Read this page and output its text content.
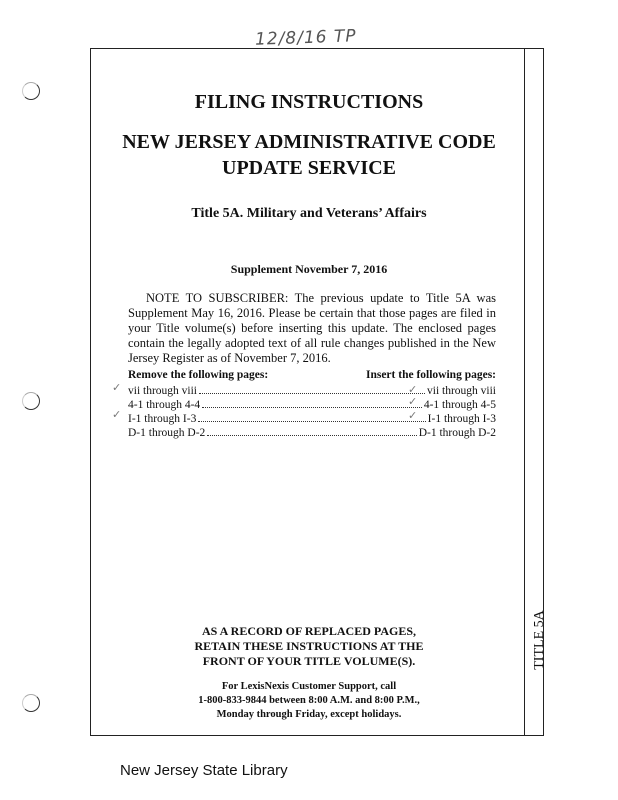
12/8/16 TP
TITLE 5A
FILING INSTRUCTIONS
NEW JERSEY ADMINISTRATIVE CODE
UPDATE SERVICE
Title 5A. Military and Veterans’ Affairs
Supplement November 7, 2016
NOTE TO SUBSCRIBER: The previous update to Title 5A was Supplement May 16, 2016. Please be certain that those pages are filed in your Title volume(s) before inserting this update. The enclosed pages contain the legally adopted text of all rule changes published in the New Jersey Register as of November 7, 2016.
Remove the following pages:	Insert the following pages:
vii through viii	vii through viii
4-1 through 4-4	4-1 through 4-5
I-1 through I-3	I-1 through I-3
D-1 through D-2	D-1 through D-2
✓
✓
✓
✓
✓
AS A RECORD OF REPLACED PAGES,
RETAIN THESE INSTRUCTIONS AT THE
FRONT OF YOUR TITLE VOLUME(S).
For LexisNexis Customer Support, call
1-800-833-9844 between 8:00 A.M. and 8:00 P.M.,
Monday through Friday, except holidays.
New Jersey State Library
